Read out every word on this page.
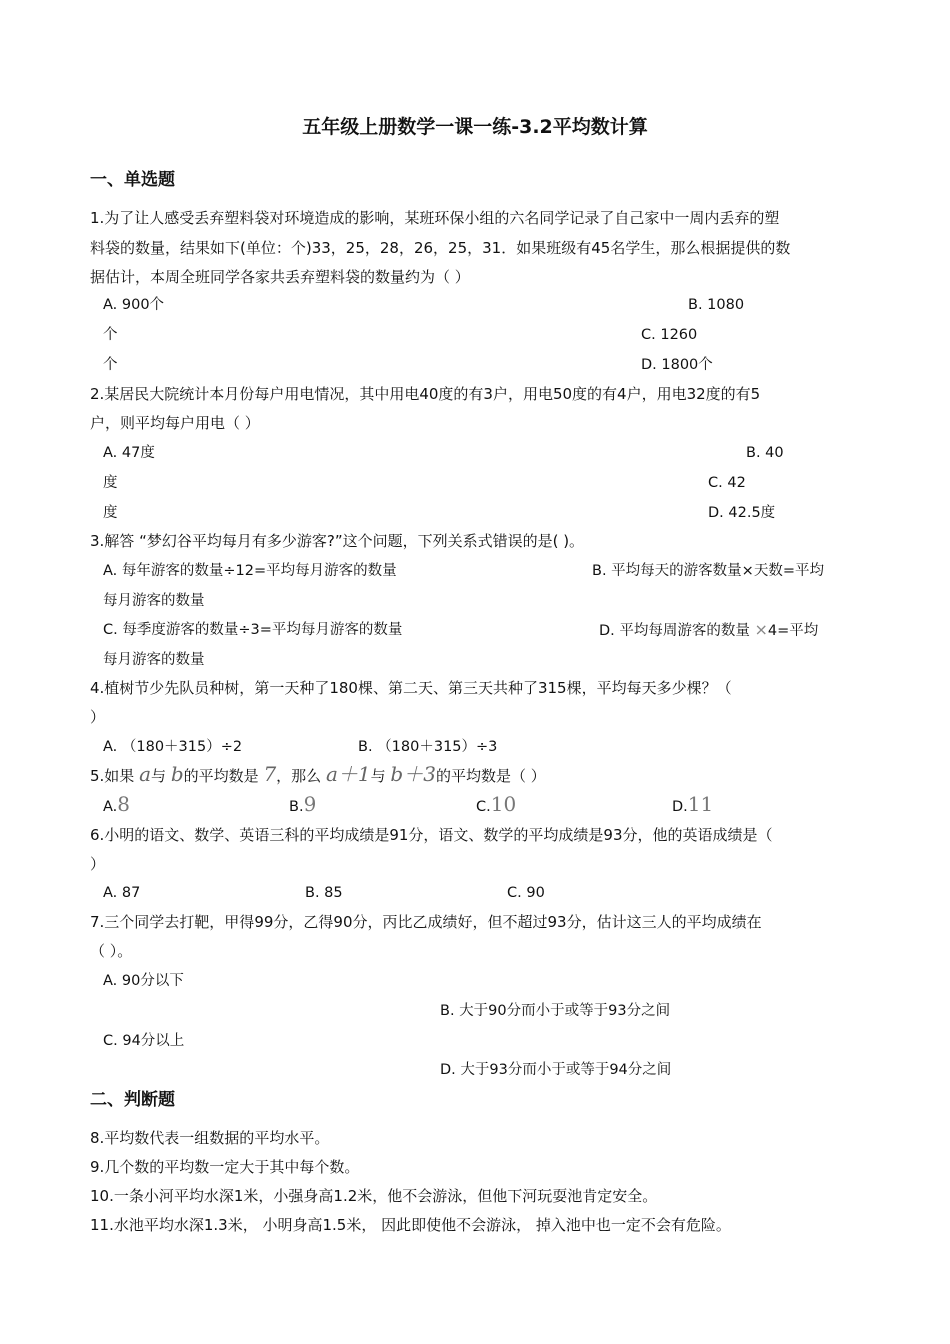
五年级上册数学一课一练-3.2平均数计算
一、单选题
1.为了让人感受丢弃塑料袋对环境造成的影响，某班环保小组的六名同学记录了自己家中一周内丢弃的塑
料袋的数量，结果如下(单位：个)33，25，28，26，25，31．如果班级有45名学生，那么根据提供的数
据估计，本周全班同学各家共丢弃塑料袋的数量约为（ ）
A. 900个	B. 1080
个	C. 1260
个	D. 1800个
2.某居民大院统计本月份每户用电情况，其中用电40度的有3户，用电50度的有4户，用电32度的有5
户，则平均每户用电（ ）
A. 47度	B. 40
度	C. 42
度	D. 42.5度
3.解答 “梦幻谷平均每月有多少游客?”这个问题，下列关系式错误的是( )。
A. 每年游客的数量÷12=平均每月游客的数量	B. 平均每天的游客数量×天数=平均
每月游客的数量
C. 每季度游客的数量÷3=平均每月游客的数量	D. 平均每周游客的数量 ×4=平均
每月游客的数量
4.植树节少先队员种树，第一天种了180棵、第二天、第三天共种了315棵，平均每天多少棵？（
）
A. （180＋315）÷2	B. （180＋315）÷3
5.如果 a与 b的平均数是 7，那么 a＋1与 b＋3的平均数是（ ）
A.8	B.9	C.10	D.11
6.小明的语文、数学、英语三科的平均成绩是91分，语文、数学的平均成绩是93分，他的英语成绩是（
）
A. 87	B. 85	C. 90
7.三个同学去打靶，甲得99分，乙得90分，丙比乙成绩好，但不超过93分，估计这三人的平均成绩在
（ ）。
A. 90分以下
B. 大于90分而小于或等于93分之间
C. 94分以上
D. 大于93分而小于或等于94分之间
二、判断题
8.平均数代表一组数据的平均水平。
9.几个数的平均数一定大于其中每个数。
10.一条小河平均水深1米，小强身高1.2米，他不会游泳，但他下河玩耍池肯定安全。
11.水池平均水深1.3米， 小明身高1.5米， 因此即使他不会游泳， 掉入池中也一定不会有危险。
